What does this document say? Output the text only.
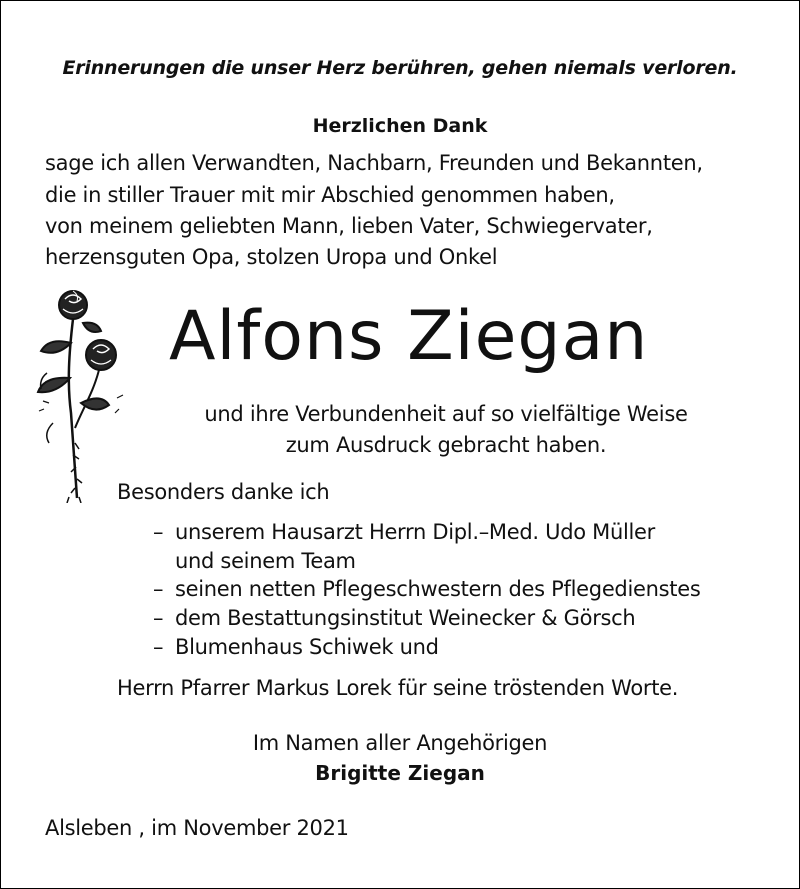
Erinnerungen die unser Herz berühren, gehen niemals verloren.
Herzlichen Dank
sage ich allen Verwandten, Nachbarn, Freunden und Bekannten,
die in stiller Trauer mit mir Abschied genommen haben,
von meinem geliebten Mann, lieben Vater, Schwiegervater,
herzensguten Opa, stolzen Uropa und Onkel
Alfons Ziegan
und ihre Verbundenheit auf so vielfältige Weise
zum Ausdruck gebracht haben.
Besonders danke ich
– unserem Hausarzt Herrn Dipl.–Med. Udo Müller
und seinem Team
– seinen netten Pflegeschwestern des Pflegedienstes
– dem Bestattungsinstitut Weinecker & Görsch
– Blumenhaus Schiwek und
Herrn Pfarrer Markus Lorek für seine tröstenden Worte.
Im Namen aller Angehörigen
Brigitte Ziegan
Alsleben , im November 2021
